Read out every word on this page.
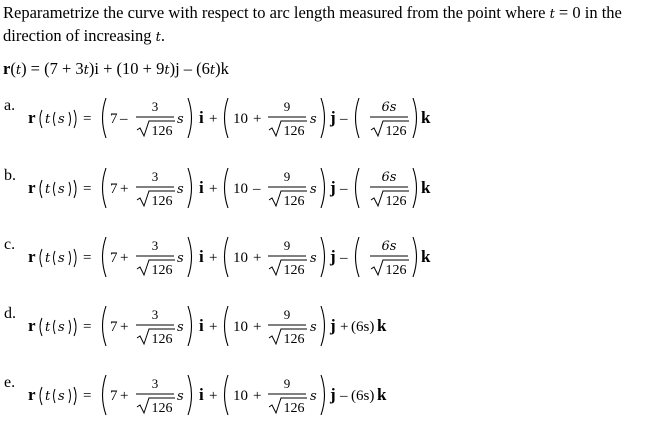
Reparametrize the curve with respect to arc length measured from the point where t = 0 in the
direction of increasing t.
r(t) = (7 + 3t)i + (10 + 9t)j – (6t)k
a.
r t s = 7 –
3
126
s i + 10 +
9
126
s j –
6s
126
k
b.
r t s = 7 +
3
126
s i + 10 –
9
126
s j –
6s
126
k
c.
r t s = 7 +
3
126
s i + 10 +
9
126
s j –
6s
126
k
d.
r t s = 7 +
3
126
s i + 10 +
9
126
s j + (6s) k
e.
r t s = 7 +
3
126
s i + 10 +
9
126
s j – (6s) k
